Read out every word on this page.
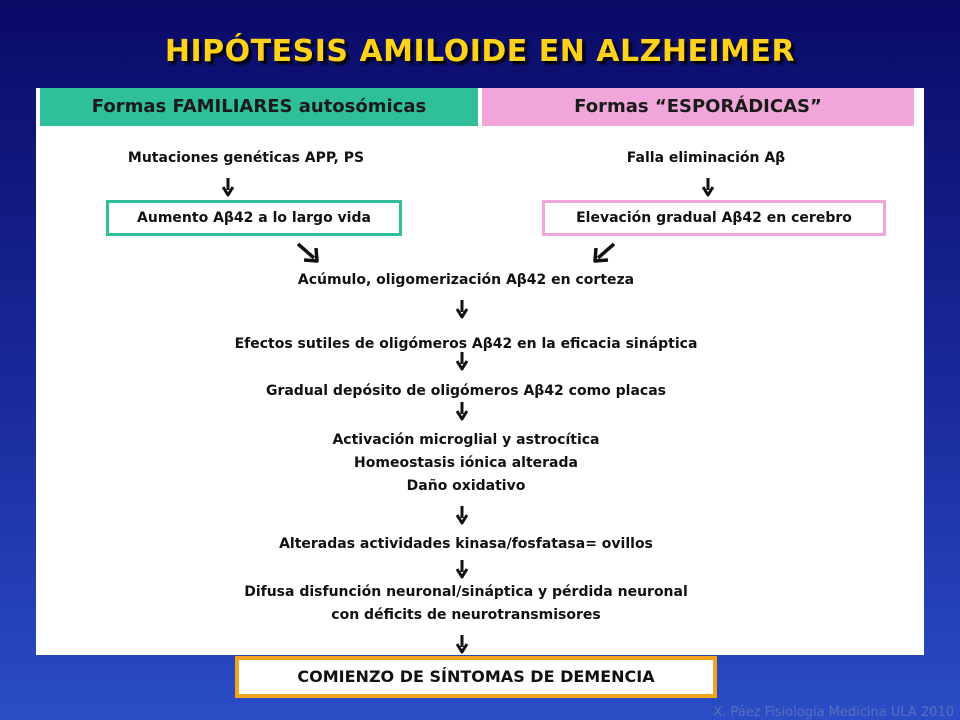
HIPÓTESIS AMILOIDE EN ALZHEIMER
Formas FAMILIARES autosómicas	Formas “ESPORÁDICAS”
Mutaciones genéticas APP, PS
Aumento Aβ42 a lo largo vida
Falla eliminación Aβ
Elevación gradual Aβ42 en cerebro
Acúmulo, oligomerización Aβ42 en corteza
Efectos sutiles de oligómeros Aβ42 en la eficacia sináptica
Gradual depósito de oligómeros Aβ42 como placas
Activación microglial y astrocítica
Homeostasis iónica alterada
Daño oxidativo
Alteradas actividades kinasa/fosfatasa= ovillos
Difusa disfunción neuronal/sináptica y pérdida neuronal
con déficits de neurotransmisores
COMIENZO DE SÍNTOMAS DE DEMENCIA
X. Páez Fisiología Medicina ULA 2010
